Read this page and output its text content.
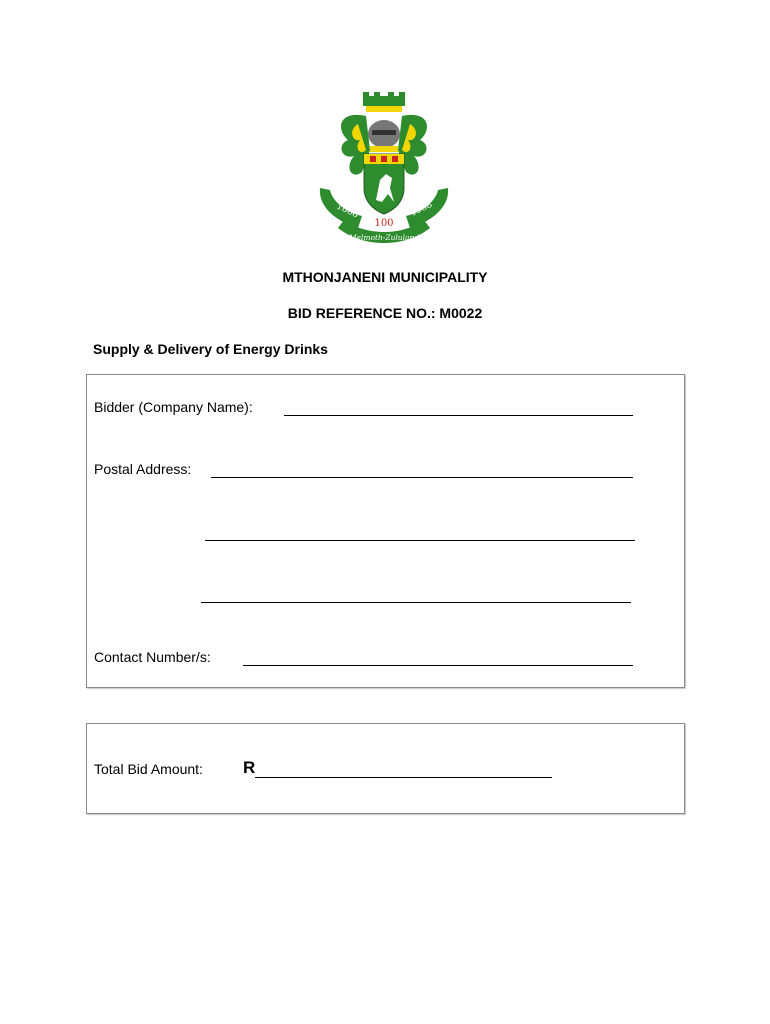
1888	1988
100
Melmoth-Zululand
MTHONJANENI MUNICIPALITY
BID REFERENCE NO.: M0022
Supply & Delivery of Energy Drinks
Bidder (Company Name):
Postal Address:
Contact Number/s:
Total Bid Amount: R
